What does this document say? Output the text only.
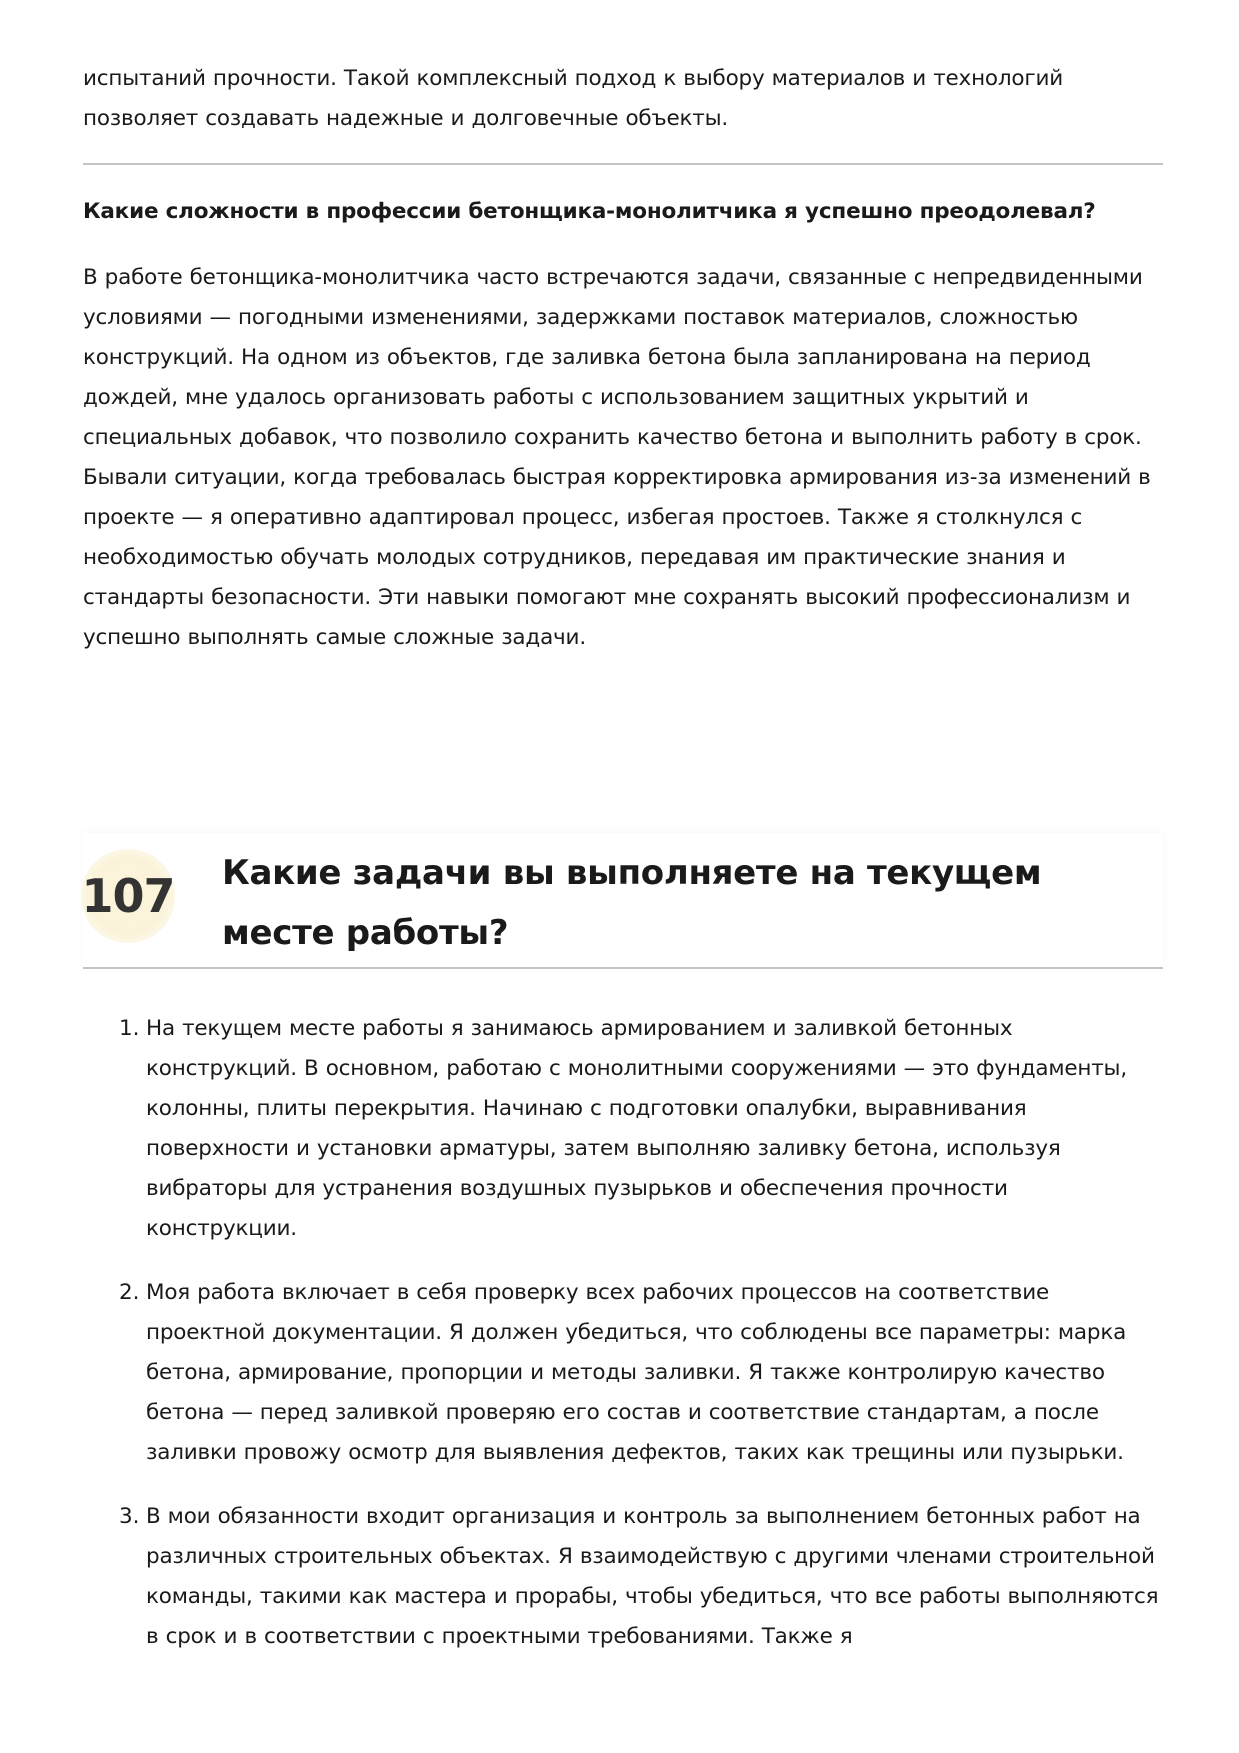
испытаний прочности. Такой комплексный подход к выбору материалов и технологий позволяет создавать надежные и долговечные объекты.

Какие сложности в профессии бетонщика-монолитчика я успешно преодолевал?

В работе бетонщика-монолитчика часто встречаются задачи, связанные с непредвиденными условиями — погодными изменениями, задержками поставок материалов, сложностью конструкций. На одном из объектов, где заливка бетона была запланирована на период дождей, мне удалось организовать работы с использованием защитных укрытий и специальных добавок, что позволило сохранить качество бетона и выполнить работу в срок. Бывали ситуации, когда требовалась быстрая корректировка армирования из-за изменений в проекте — я оперативно адаптировал процесс, избегая простоев. Также я столкнулся с необходимостью обучать молодых сотрудников, передавая им практические знания и стандарты безопасности. Эти навыки помогают мне сохранять высокий профессионализм и успешно выполнять самые сложные задачи.

107 Какие задачи вы выполняете на текущем месте работы?
1. На текущем месте работы я занимаюсь армированием и заливкой бетонных конструкций. В основном, работаю с монолитными сооружениями — это фундаменты, колонны, плиты перекрытия. Начинаю с подготовки опалубки, выравнивания поверхности и установки арматуры, затем выполняю заливку бетона, используя вибраторы для устранения воздушных пузырьков и обеспечения прочности конструкции.
2. Моя работа включает в себя проверку всех рабочих процессов на соответствие проектной документации. Я должен убедиться, что соблюдены все параметры: марка бетона, армирование, пропорции и методы заливки. Я также контролирую качество бетона — перед заливкой проверяю его состав и соответствие стандартам, а после заливки провожу осмотр для выявления дефектов, таких как трещины или пузырьки.
3. В мои обязанности входит организация и контроль за выполнением бетонных работ на различных строительных объектах. Я взаимодействую с другими членами строительной команды, такими как мастера и прорабы, чтобы убедиться, что все работы выполняются в срок и в соответствии с проектными требованиями. Также я
